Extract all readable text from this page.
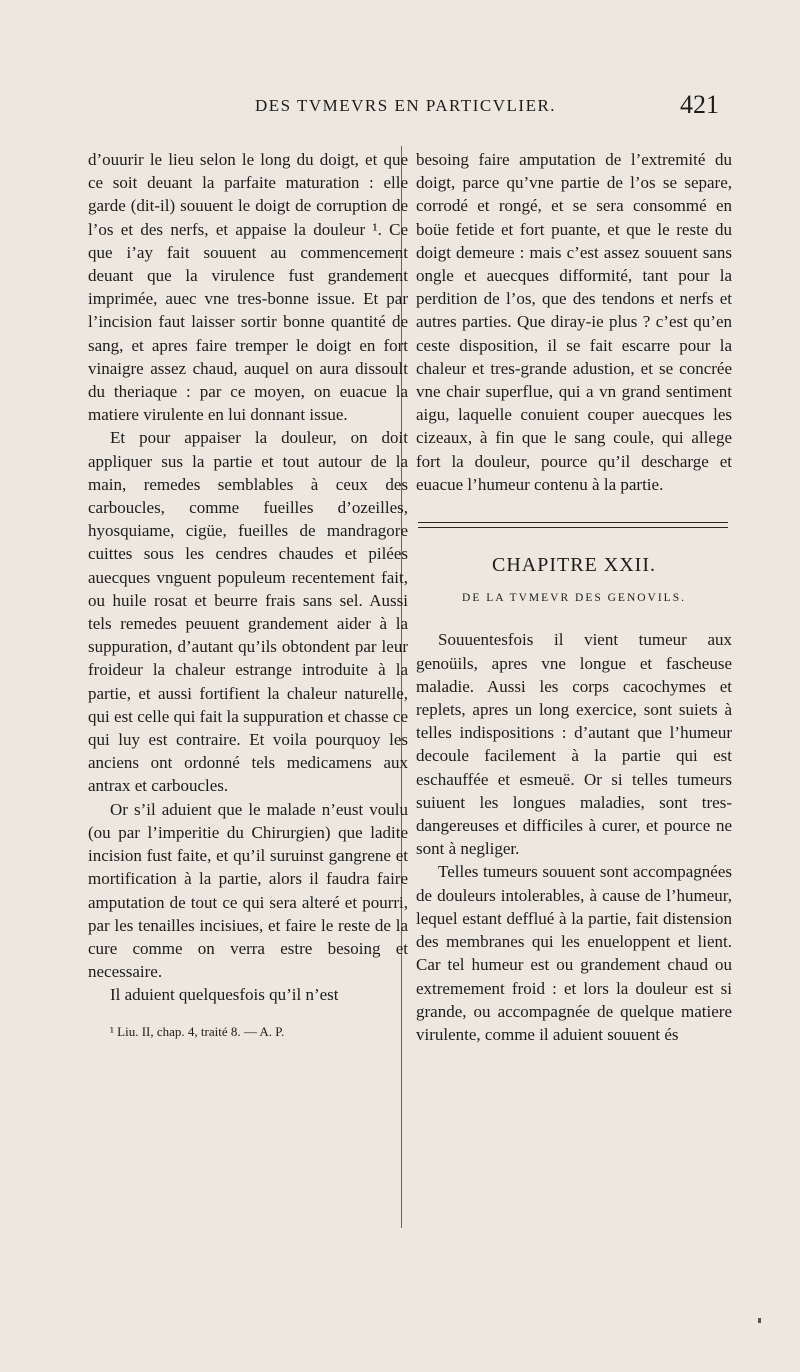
DES TVMEVRS EN PARTICVLIER.	421

d’ouurir le lieu selon le long du doigt, et que ce soit deuant la parfaite maturation : elle garde (dit-il) souuent le doigt de corruption de l’os et des nerfs, et appaise la douleur ¹. Ce que i’ay fait souuent au commencement deuant que la virulence fust grandement imprimée, auec vne tres-bonne issue. Et par l’incision faut laisser sortir bonne quantité de sang, et apres faire tremper le doigt en fort vinaigre assez chaud, auquel on aura dissoult du theriaque : par ce moyen, on euacue la matiere virulente en lui donnant issue.

Et pour appaiser la douleur, on doit appliquer sus la partie et tout autour de la main, remedes semblables à ceux des carboucles, comme fueilles d’ozeilles, hyosquiame, cigüe, fueilles de mandragore cuittes sous les cendres chaudes et pilées auecques vnguent populeum recentement fait, ou huile rosat et beurre frais sans sel. Aussi tels remedes peuuent grandement aider à la suppuration, d’autant qu’ils obtondent par leur froideur la chaleur estrange introduite à la partie, et aussi fortifient la chaleur naturelle, qui est celle qui fait la suppuration et chasse ce qui luy est contraire. Et voila pourquoy les anciens ont ordonné tels medicamens aux antrax et carboucles.

Or s’il aduient que le malade n’eust voulu (ou par l’imperitie du Chirurgien) que ladite incision fust faite, et qu’il suruinst gangrene et mortification à la partie, alors il faudra faire amputation de tout ce qui sera alteré et pourri, par les tenailles incisiues, et faire le reste de la cure comme on verra estre besoing et necessaire.

Il aduient quelquesfois qu’il n’est

¹ Liu. II, chap. 4, traité 8. — A. P.

besoing faire amputation de l’extremité du doigt, parce qu’vne partie de l’os se separe, corrodé et rongé, et se sera consommé en boüe fetide et fort puante, et que le reste du doigt demeure : mais c’est assez souuent sans ongle et auecques difformité, tant pour la perdition de l’os, que des tendons et nerfs et autres parties. Que diray-ie plus ? c’est qu’en ceste disposition, il se fait escarre pour la chaleur et tres-grande adustion, et se concrée vne chair superflue, qui a vn grand sentiment aigu, laquelle conuient couper auecques les cizeaux, à fin que le sang coule, qui allege fort la douleur, pource qu’il descharge et euacue l’humeur contenu à la partie.

CHAPITRE XXII.
DE LA TVMEVR DES GENOVILS.

Souuentesfois il vient tumeur aux genoüils, apres vne longue et fascheuse maladie. Aussi les corps cacochymes et replets, apres un long exercice, sont suiets à telles indispositions : d’autant que l’humeur decoule facilement à la partie qui est eschauffée et esmeuë. Or si telles tumeurs suiuent les longues maladies, sont tres-dangereuses et difficiles à curer, et pource ne sont à negliger.

Telles tumeurs souuent sont accompagnées de douleurs intolerables, à cause de l’humeur, lequel estant defflué à la partie, fait distension des membranes qui les enueloppent et lient. Car tel humeur est ou grandement chaud ou extremement froid : et lors la douleur est si grande, ou accompagnée de quelque matiere virulente, comme il aduient souuent és
